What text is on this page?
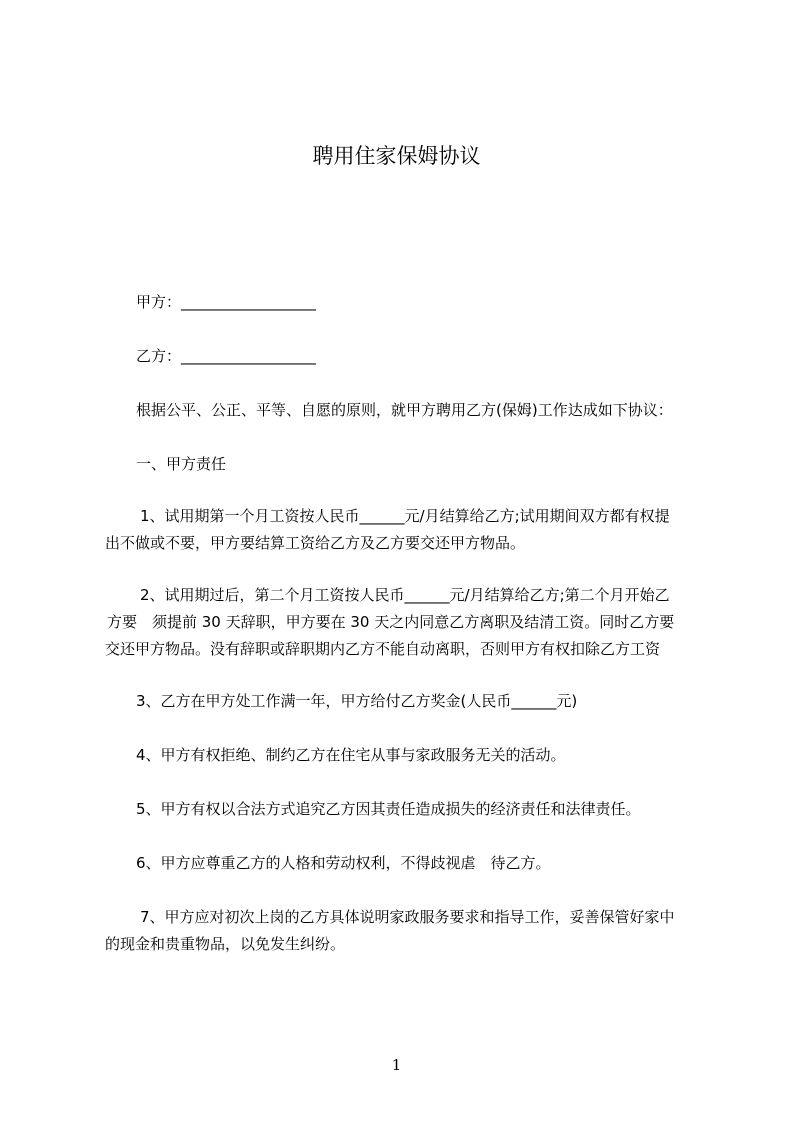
聘用住家保姆协议
甲方：__________________
乙方：__________________
根据公平、公正、平等、自愿的原则，就甲方聘用乙方(保姆)工作达成如下协议：
一、甲方责任
1、试用期第一个月工资按人民币______元/月结算给乙方;试用期间双方都有权提
出不做或不要，甲方要结算工资给乙方及乙方要交还甲方物品。
2、试用期过后，第二个月工资按人民币______元/月结算给乙方;第二个月开始乙
方要　须提前 30 天辞职，甲方要在 30 天之内同意乙方离职及结清工资。同时乙方要
交还甲方物品。没有辞职或辞职期内乙方不能自动离职，否则甲方有权扣除乙方工资
3、乙方在甲方处工作满一年，甲方给付乙方奖金(人民币______元)
4、甲方有权拒绝、制约乙方在住宅从事与家政服务无关的活动。
5、甲方有权以合法方式追究乙方因其责任造成损失的经济责任和法律责任。
6、甲方应尊重乙方的人格和劳动权利，不得歧视虐　待乙方。
7、甲方应对初次上岗的乙方具体说明家政服务要求和指导工作，妥善保管好家中
的现金和贵重物品，以免发生纠纷。
1
